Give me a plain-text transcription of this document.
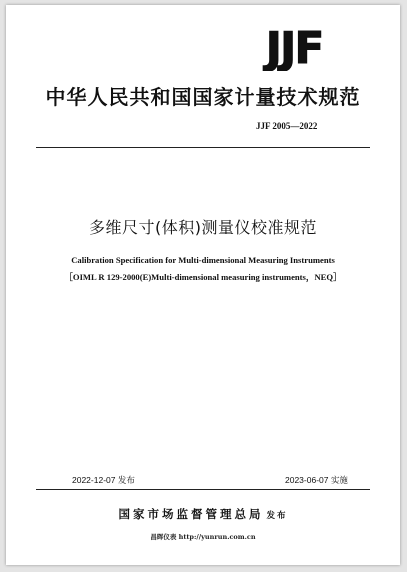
JJF
中华人民共和国国家计量技术规范
JJF 2005—2022
多维尺寸(体积)测量仪校准规范
Calibration Specification for Multi-dimensional Measuring Instruments
［OIML R 129-2000(E)Multi-dimensional measuring instruments，NEQ］
2022-12-07 发布	2023-06-07 实施
国家市场监督管理总局 发布
昌晖仪表 http://yunrun.com.cn
